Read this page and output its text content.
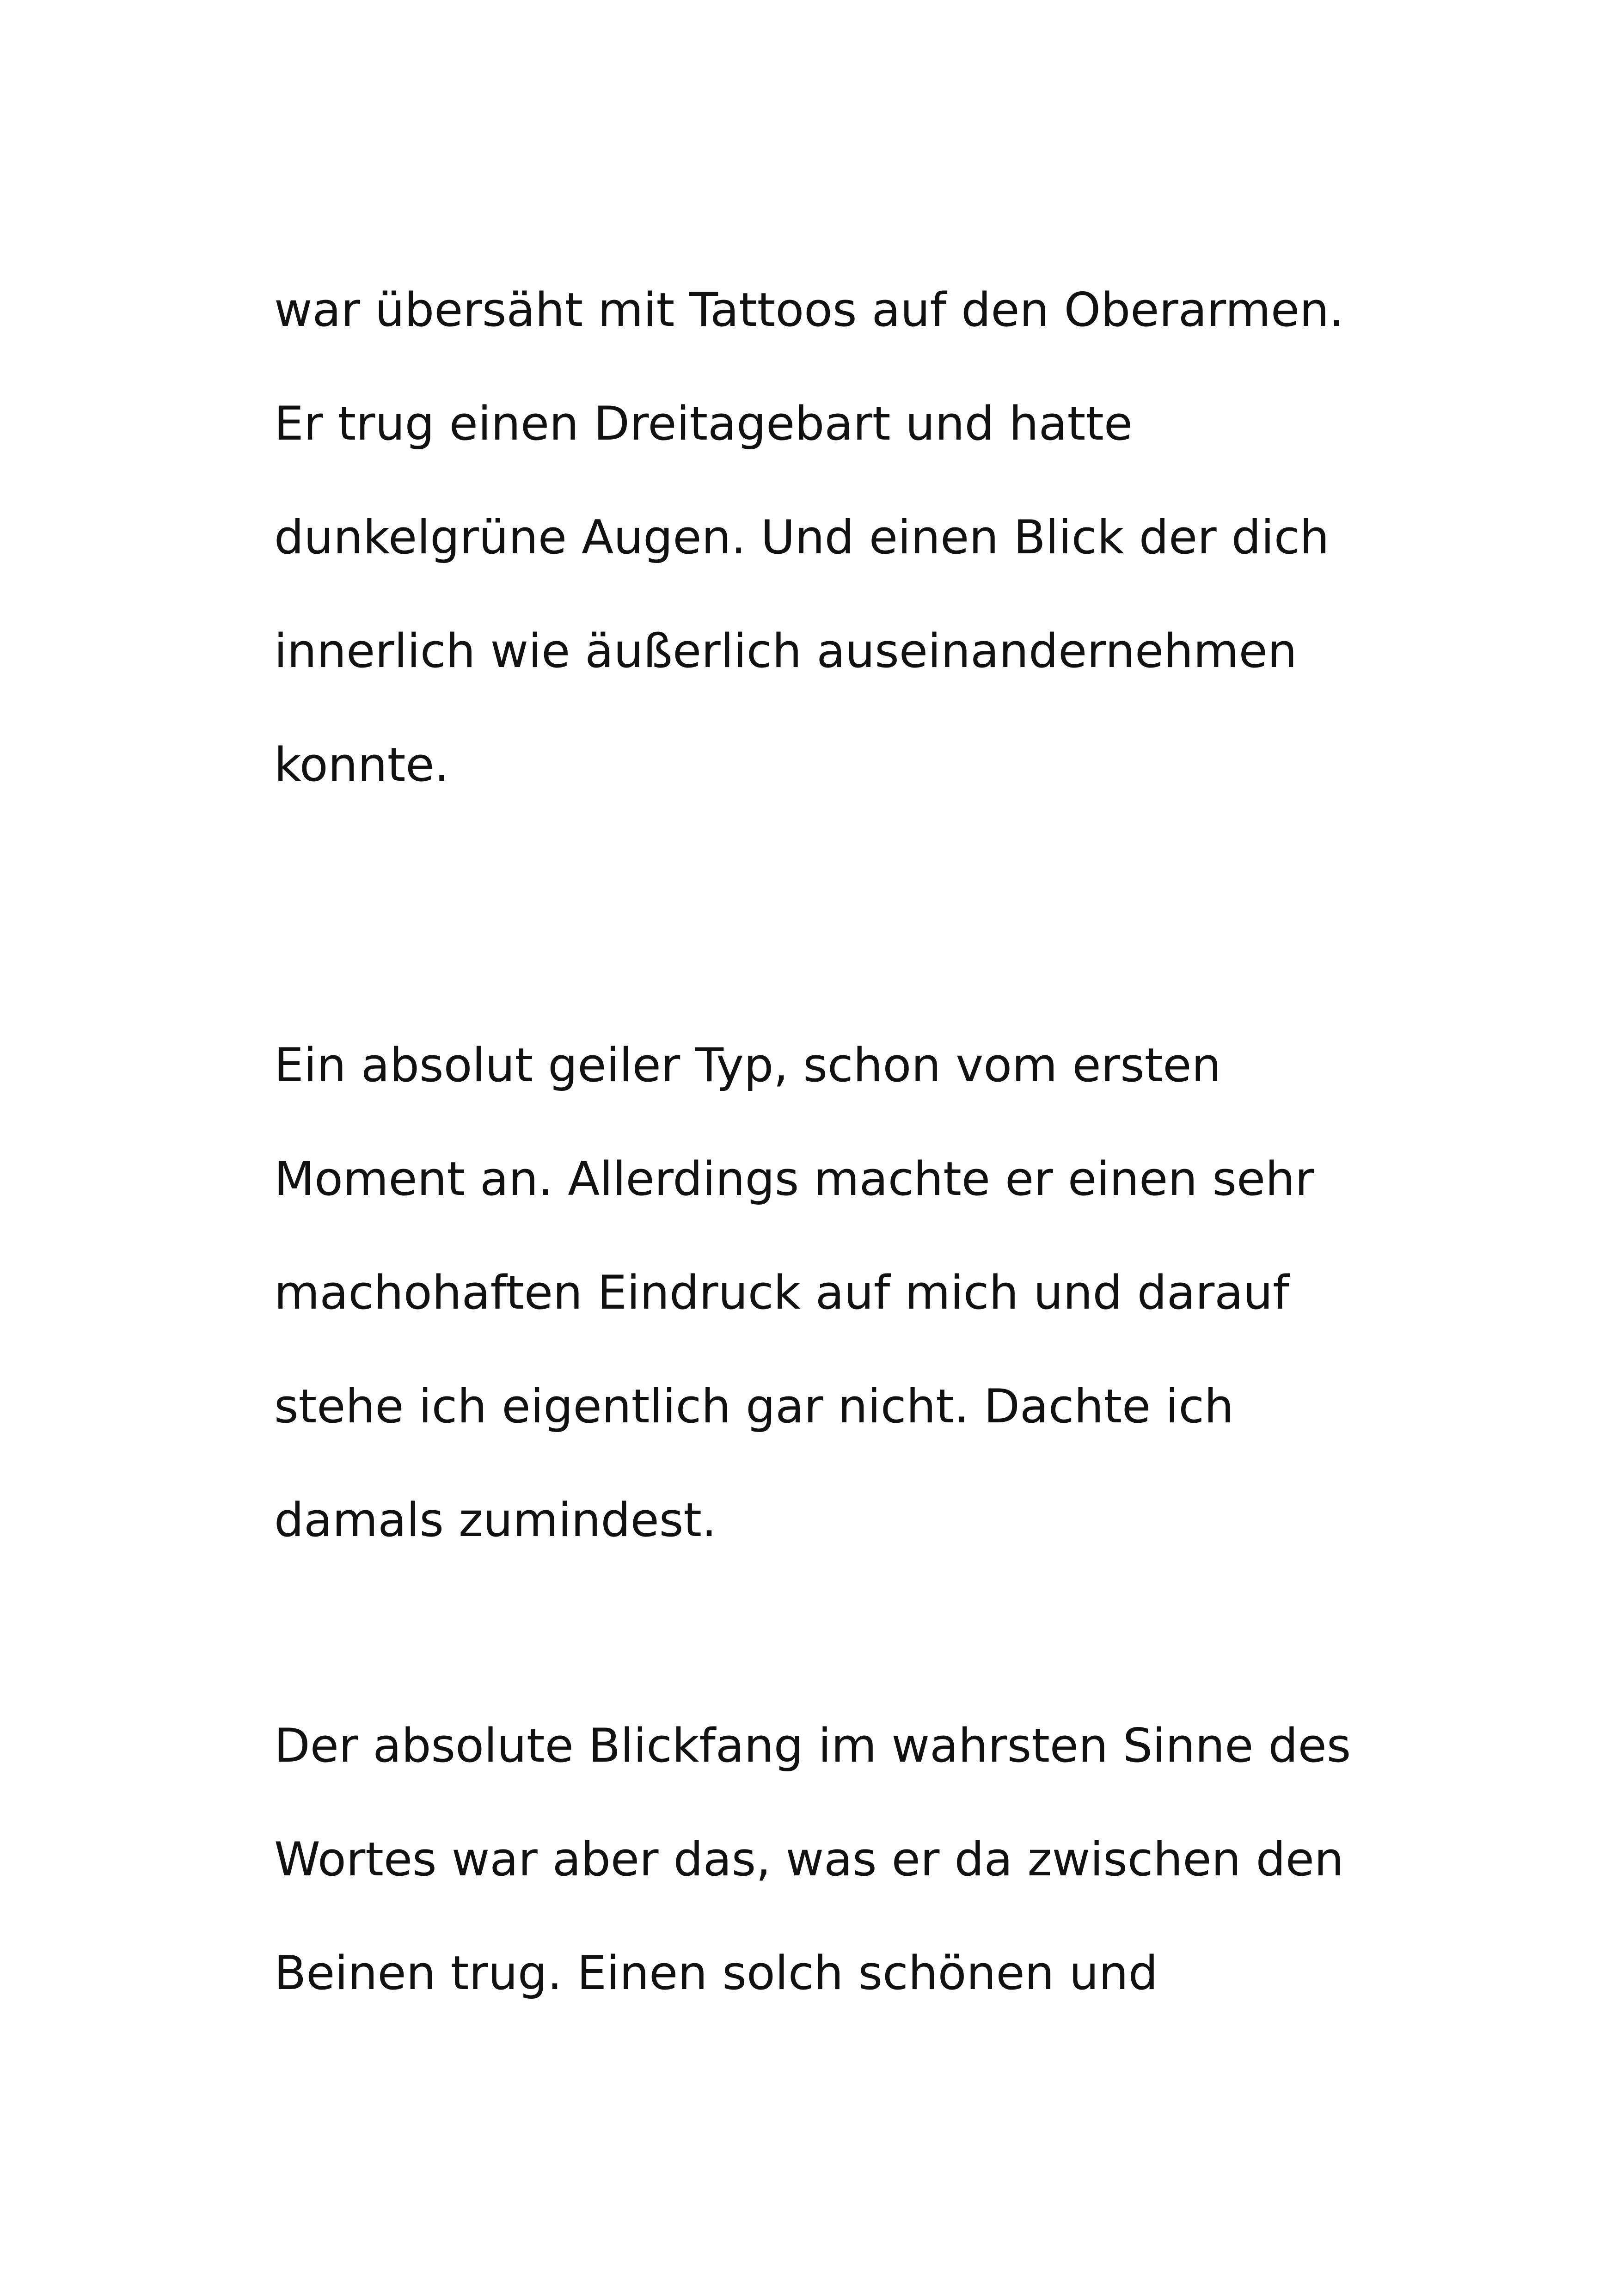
war übersäht mit Tattoos auf den Oberarmen.

Er trug einen Dreitagebart und hatte

dunkelgrüne Augen. Und einen Blick der dich

innerlich wie äußerlich auseinandernehmen

konnte.

Ein absolut geiler Typ, schon vom ersten

Moment an. Allerdings machte er einen sehr

machohaften Eindruck auf mich und darauf

stehe ich eigentlich gar nicht. Dachte ich

damals zumindest.

Der absolute Blickfang im wahrsten Sinne des

Wortes war aber das, was er da zwischen den

Beinen trug. Einen solch schönen und
